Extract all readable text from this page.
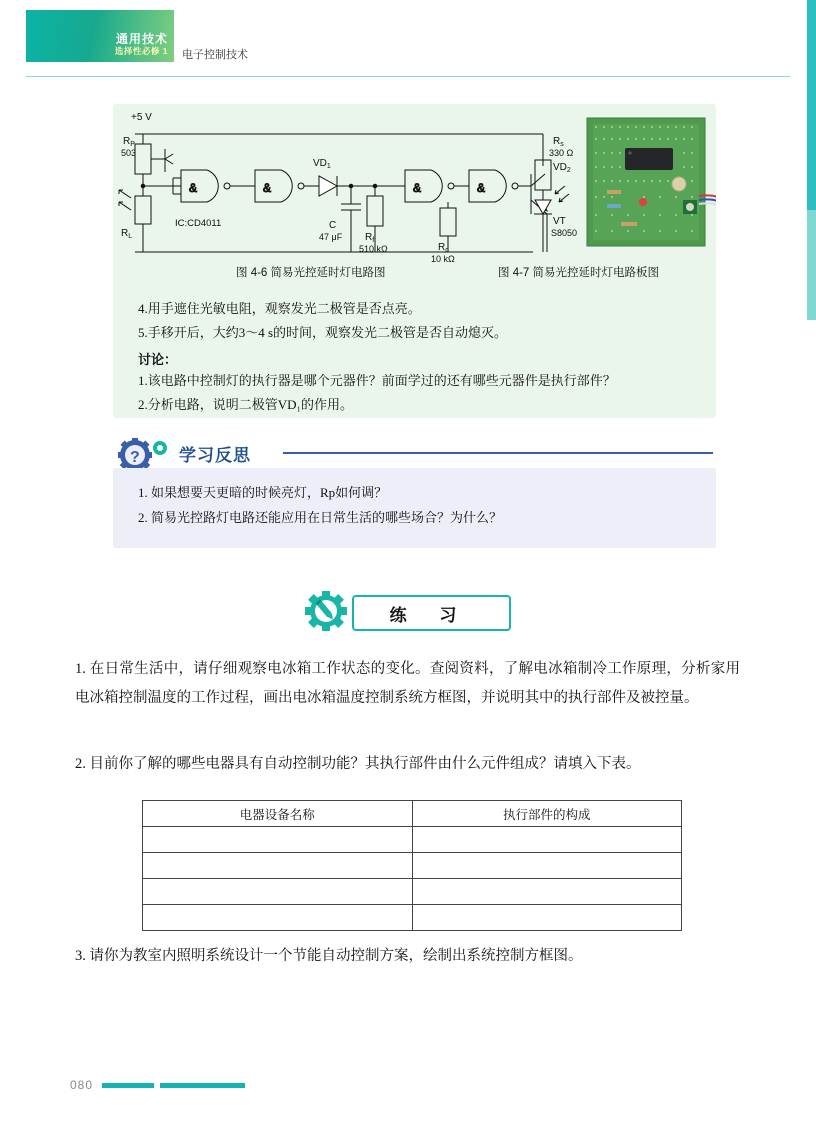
通用技术
选择性必修 1 电子控制技术
&	&	&	&
+5 V
$R_P$
503
$R_L$
IC:CD4011
$VD_1$
C
47 μF $R_f$
510 kΩ	$R_c$
10 kΩ
$R_s$
330 Ω
$VD_2$
VT
S8050
图 4-6 简易光控延时灯电路图	图 4-7 简易光控延时灯电路板图
4.用手遮住光敏电阻，观察发光二极管是否点亮。
5.手移开后，大约3～4 s的时间，观察发光二极管是否自动熄灭。
讨论：
1.该电路中控制灯的执行器是哪个元器件？前面学过的还有哪些元器件是执行部件？
2.分析电路，说明二极管VD₁的作用。
? 学习反思
1. 如果想要天更暗的时候亮灯，Rp如何调？
2. 简易光控路灯电路还能应用在日常生活的哪些场合？为什么？
练 习
1. 在日常生活中，请仔细观察电冰箱工作状态的变化。查阅资料，了解电冰箱制冷工作原理，分析家用电冰箱控制温度的工作过程，画出电冰箱温度控制系统方框图，并说明其中的执行部件及被控量。
2. 目前你了解的哪些电器具有自动控制功能？其执行部件由什么元件组成？请填入下表。
电器设备名称	执行部件的构成

3. 请你为教室内照明系统设计一个节能自动控制方案，绘制出系统控制方框图。
080
